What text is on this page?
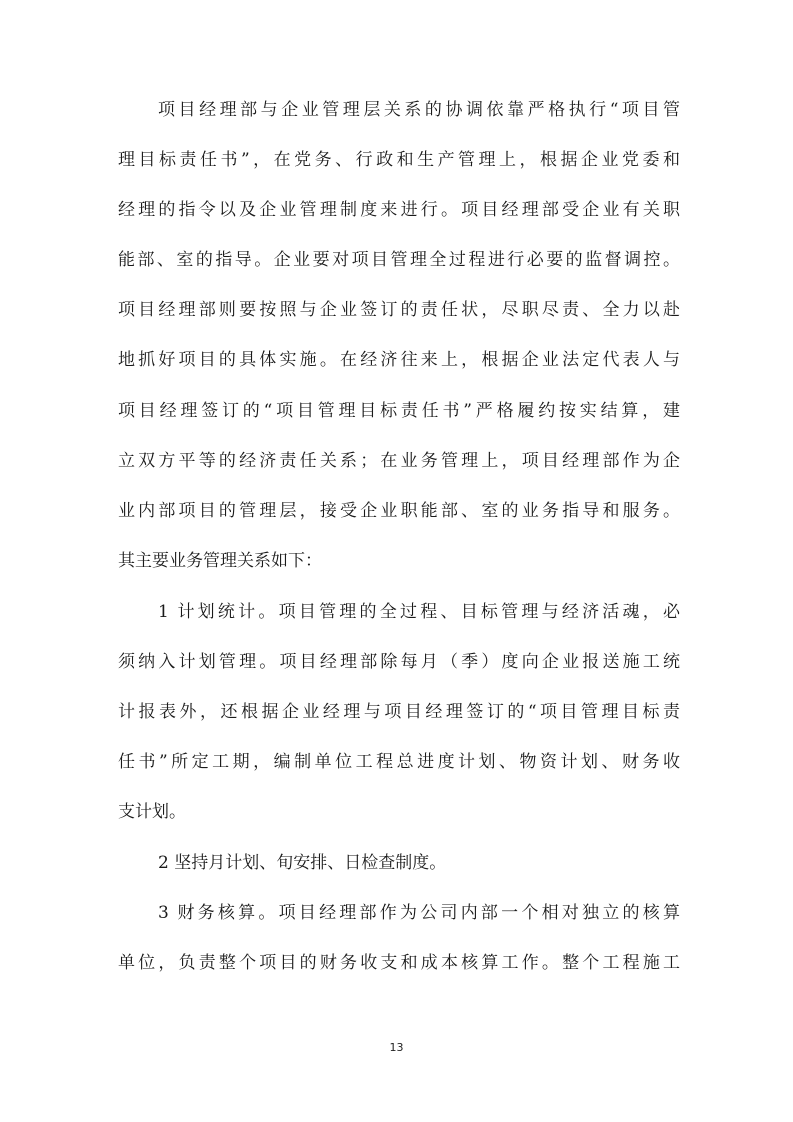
项目经理部与企业管理层关系的协调依靠严格执行“项目管
理目标责任书”，在党务、行政和生产管理上，根据企业党委和
经理的指令以及企业管理制度来进行。项目经理部受企业有关职
能部、室的指导。企业要对项目管理全过程进行必要的监督调控。
项目经理部则要按照与企业签订的责任状，尽职尽责、全力以赴
地抓好项目的具体实施。在经济往来上，根据企业法定代表人与
项目经理签订的“项目管理目标责任书”严格履约按实结算，建
立双方平等的经济责任关系；在业务管理上，项目经理部作为企
业内部项目的管理层，接受企业职能部、室的业务指导和服务。
其主要业务管理关系如下：
1 计划统计。项目管理的全过程、目标管理与经济活魂，必
须纳入计划管理。项目经理部除每月（季）度向企业报送施工统
计报表外，还根据企业经理与项目经理签订的“项目管理目标责
任书”所定工期，编制单位工程总进度计划、物资计划、财务收
支计划。
2 坚持月计划、旬安排、日检查制度。
3 财务核算。项目经理部作为公司内部一个相对独立的核算
单位，负责整个项目的财务收支和成本核算工作。整个工程施工
13
